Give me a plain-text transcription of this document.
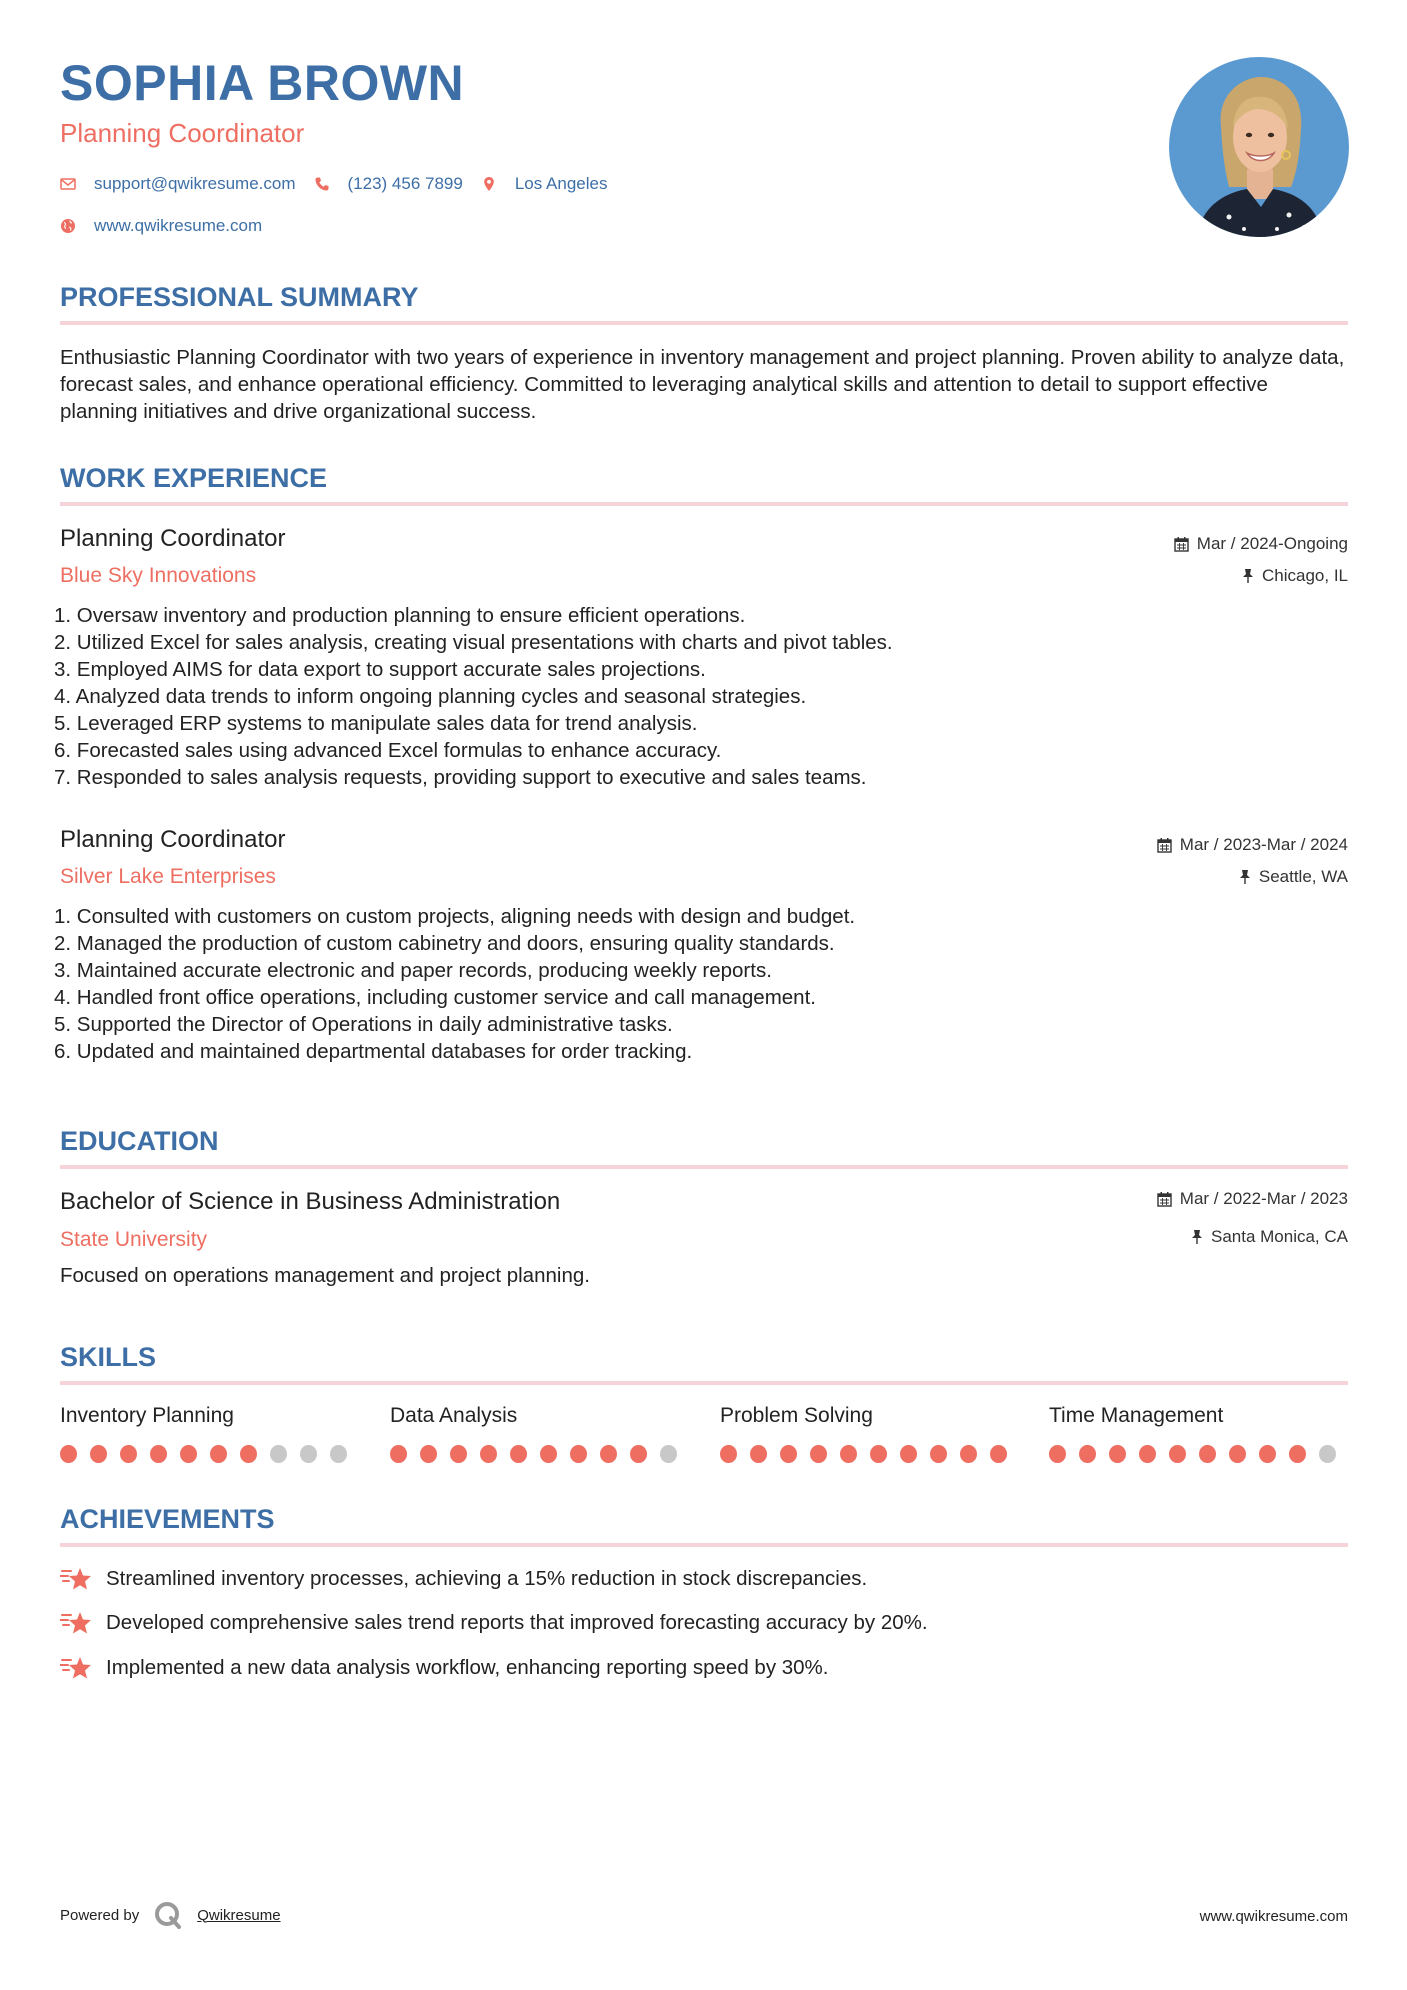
SOPHIA BROWN
Planning Coordinator
support@qwikresume.com	(123) 456 7899	Los Angeles
www.qwikresume.com
PROFESSIONAL SUMMARY

Enthusiastic Planning Coordinator with two years of experience in inventory management and project planning. Proven ability to analyze data, forecast sales, and enhance operational efficiency. Committed to leveraging analytical skills and attention to detail to support effective planning initiatives and drive organizational success.

WORK EXPERIENCE
Planning Coordinator
Blue Sky Innovations
Mar / 2024-Ongoing
Chicago, IL
1. Oversaw inventory and production planning to ensure efficient operations.
2. Utilized Excel for sales analysis, creating visual presentations with charts and pivot tables.
3. Employed AIMS for data export to support accurate sales projections.
4. Analyzed data trends to inform ongoing planning cycles and seasonal strategies.
5. Leveraged ERP systems to manipulate sales data for trend analysis.
6. Forecasted sales using advanced Excel formulas to enhance accuracy.
7. Responded to sales analysis requests, providing support to executive and sales teams.
Planning Coordinator
Silver Lake Enterprises
Mar / 2023-Mar / 2024
Seattle, WA
1. Consulted with customers on custom projects, aligning needs with design and budget.
2. Managed the production of custom cabinetry and doors, ensuring quality standards.
3. Maintained accurate electronic and paper records, producing weekly reports.
4. Handled front office operations, including customer service and call management.
5. Supported the Director of Operations in daily administrative tasks.
6. Updated and maintained departmental databases for order tracking.
EDUCATION
Bachelor of Science in Business Administration
State University
Mar / 2022-Mar / 2023
Santa Monica, CA

Focused on operations management and project planning.

SKILLS
Inventory Planning	Data Analysis	Problem Solving	Time Management
ACHIEVEMENTS
Streamlined inventory processes, achieving a 15% reduction in stock discrepancies.
Developed comprehensive sales trend reports that improved forecasting accuracy by 20%.
Implemented a new data analysis workflow, enhancing reporting speed by 30%.
Powered by	Qwikresume	www.qwikresume.com
